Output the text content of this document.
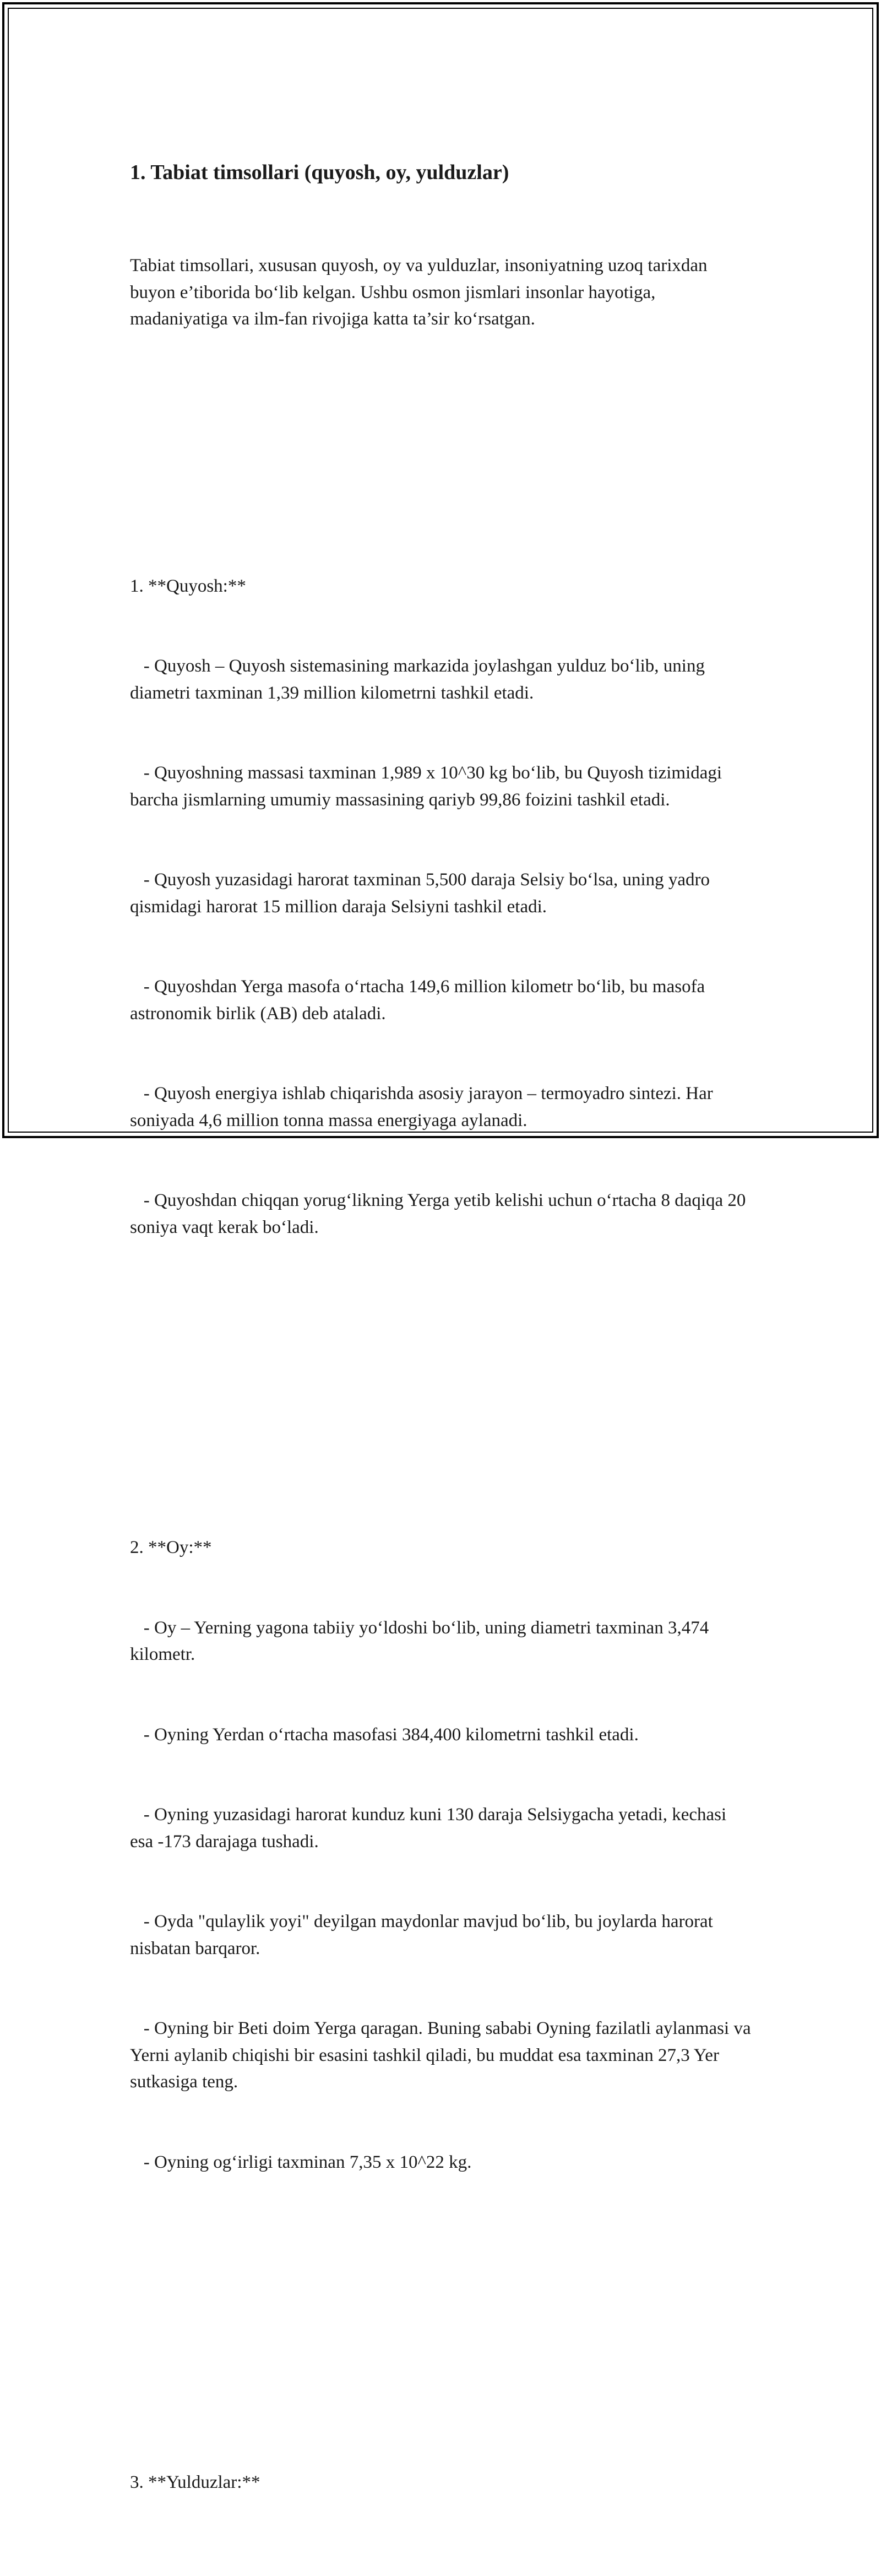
1. Tabiat timsollari (quyosh, oy, yulduzlar)

Tabiat timsollari, xususan quyosh, oy va yulduzlar, insoniyatning uzoq tarixdan buyon e’tiborida bo‘lib kelgan. Ushbu osmon jismlari insonlar hayotiga, madaniyatiga va ilm-fan rivojiga katta ta’sir ko‘rsatgan.

1. **Quyosh:**

- Quyosh – Quyosh sistemasining markazida joylashgan yulduz bo‘lib, uning diametri taxminan 1,39 million kilometrni tashkil etadi.

- Quyoshning massasi taxminan 1,989 x 10^30 kg bo‘lib, bu Quyosh tizimidagi barcha jismlarning umumiy massasining qariyb 99,86 foizini tashkil etadi.

- Quyosh yuzasidagi harorat taxminan 5,500 daraja Selsiy bo‘lsa, uning yadro qismidagi harorat 15 million daraja Selsiyni tashkil etadi.

- Quyoshdan Yerga masofa o‘rtacha 149,6 million kilometr bo‘lib, bu masofa astronomik birlik (AB) deb ataladi.

- Quyosh energiya ishlab chiqarishda asosiy jarayon – termoyadro sintezi. Har soniyada 4,6 million tonna massa energiyaga aylanadi.

- Quyoshdan chiqqan yorug‘likning Yerga yetib kelishi uchun o‘rtacha 8 daqiqa 20 soniya vaqt kerak bo‘ladi.

2. **Oy:**

- Oy – Yerning yagona tabiiy yo‘ldoshi bo‘lib, uning diametri taxminan 3,474 kilometr.

- Oyning Yerdan o‘rtacha masofasi 384,400 kilometrni tashkil etadi.

- Oyning yuzasidagi harorat kunduz kuni 130 daraja Selsiygacha yetadi, kechasi esa -173 darajaga tushadi.

- Oyda "qulaylik yoyi" deyilgan maydonlar mavjud bo‘lib, bu joylarda harorat nisbatan barqaror.

- Oyning bir Beti doim Yerga qaragan. Buning sababi Oyning fazilatli aylanmasi va Yerni aylanib chiqishi bir esasini tashkil qiladi, bu muddat esa taxminan 27,3 Yer sutkasiga teng.

- Oyning og‘irligi taxminan 7,35 x 10^22 kg.

3. **Yulduzlar:**
